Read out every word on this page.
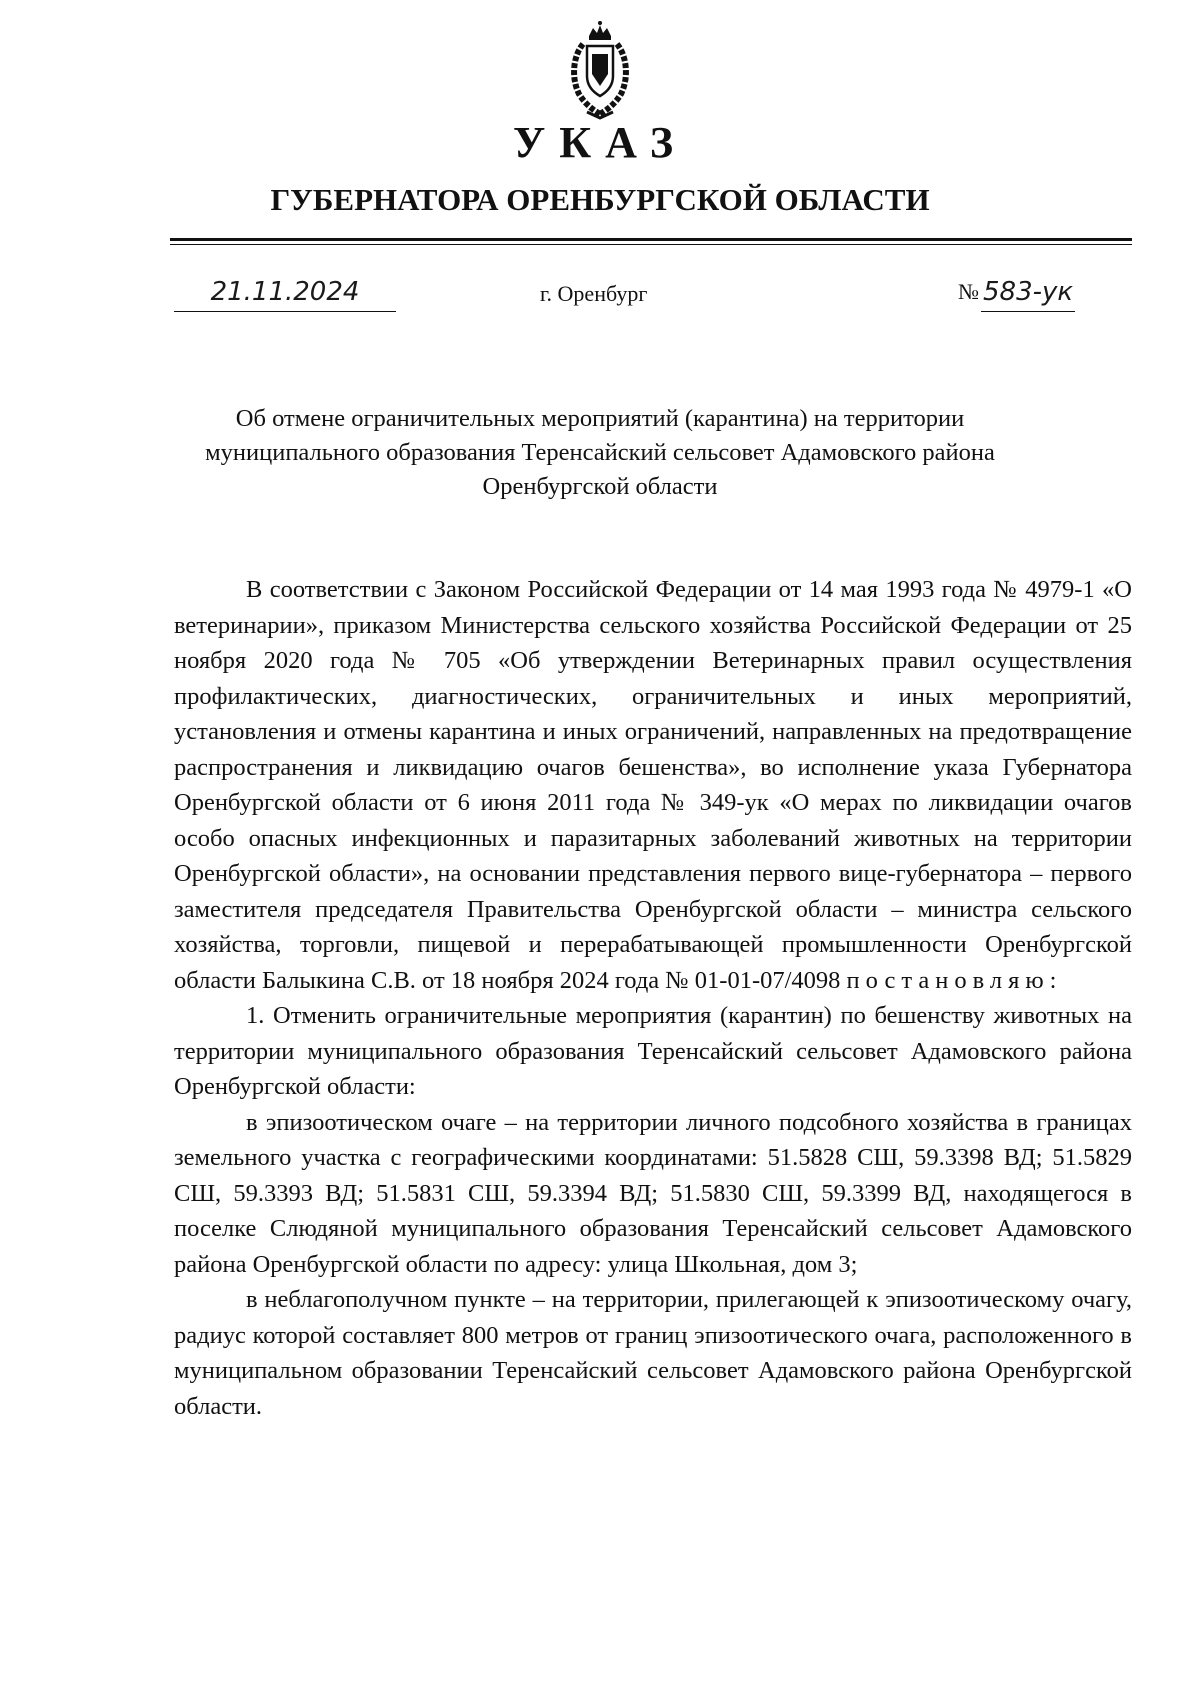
УКАЗ
ГУБЕРНАТОРА ОРЕНБУРГСКОЙ ОБЛАСТИ
21.11.2024	г. Оренбург	№ 583-ук
Об отмене ограничительных мероприятий (карантина) на территории муниципального образования Теренсайский сельсовет Адамовского района Оренбургской области

В соответствии с Законом Российской Федерации от 14 мая 1993 года № 4979-1 «О ветеринарии», приказом Министерства сельского хозяйства Российской Федерации от 25 ноября 2020 года № 705 «Об утверждении Ветеринарных правил осуществления профилактических, диагностических, ограничительных и иных мероприятий, установления и отмены карантина и иных ограничений, направленных на предотвращение распространения и ликвидацию очагов бешенства», во исполнение указа Губернатора Оренбургской области от 6 июня 2011 года № 349-ук «О мерах по ликвидации очагов особо опасных инфекционных и паразитарных заболеваний животных на территории Оренбургской области», на основании представления первого вице-губернатора – первого заместителя председателя Правительства Оренбургской области – министра сельского хозяйства, торговли, пищевой и перерабатывающей промышленности Оренбургской области Балыкина С.В. от 18 ноября 2024 года № 01-01-07/4098 постановляю:

1. Отменить ограничительные мероприятия (карантин) по бешенству животных на территории муниципального образования Теренсайский сельсовет Адамовского района Оренбургской области:

в эпизоотическом очаге – на территории личного подсобного хозяйства в границах земельного участка с географическими координатами: 51.5828 СШ, 59.3398 ВД; 51.5829 СШ, 59.3393 ВД; 51.5831 СШ, 59.3394 ВД; 51.5830 СШ, 59.3399 ВД, находящегося в поселке Слюдяной муниципального образования Теренсайский сельсовет Адамовского района Оренбургской области по адресу: улица Школьная, дом 3;

в неблагополучном пункте – на территории, прилегающей к эпизоотическому очагу, радиус которой составляет 800 метров от границ эпизоотического очага, расположенного в муниципальном образовании Теренсайский сельсовет Адамовского района Оренбургской области.
